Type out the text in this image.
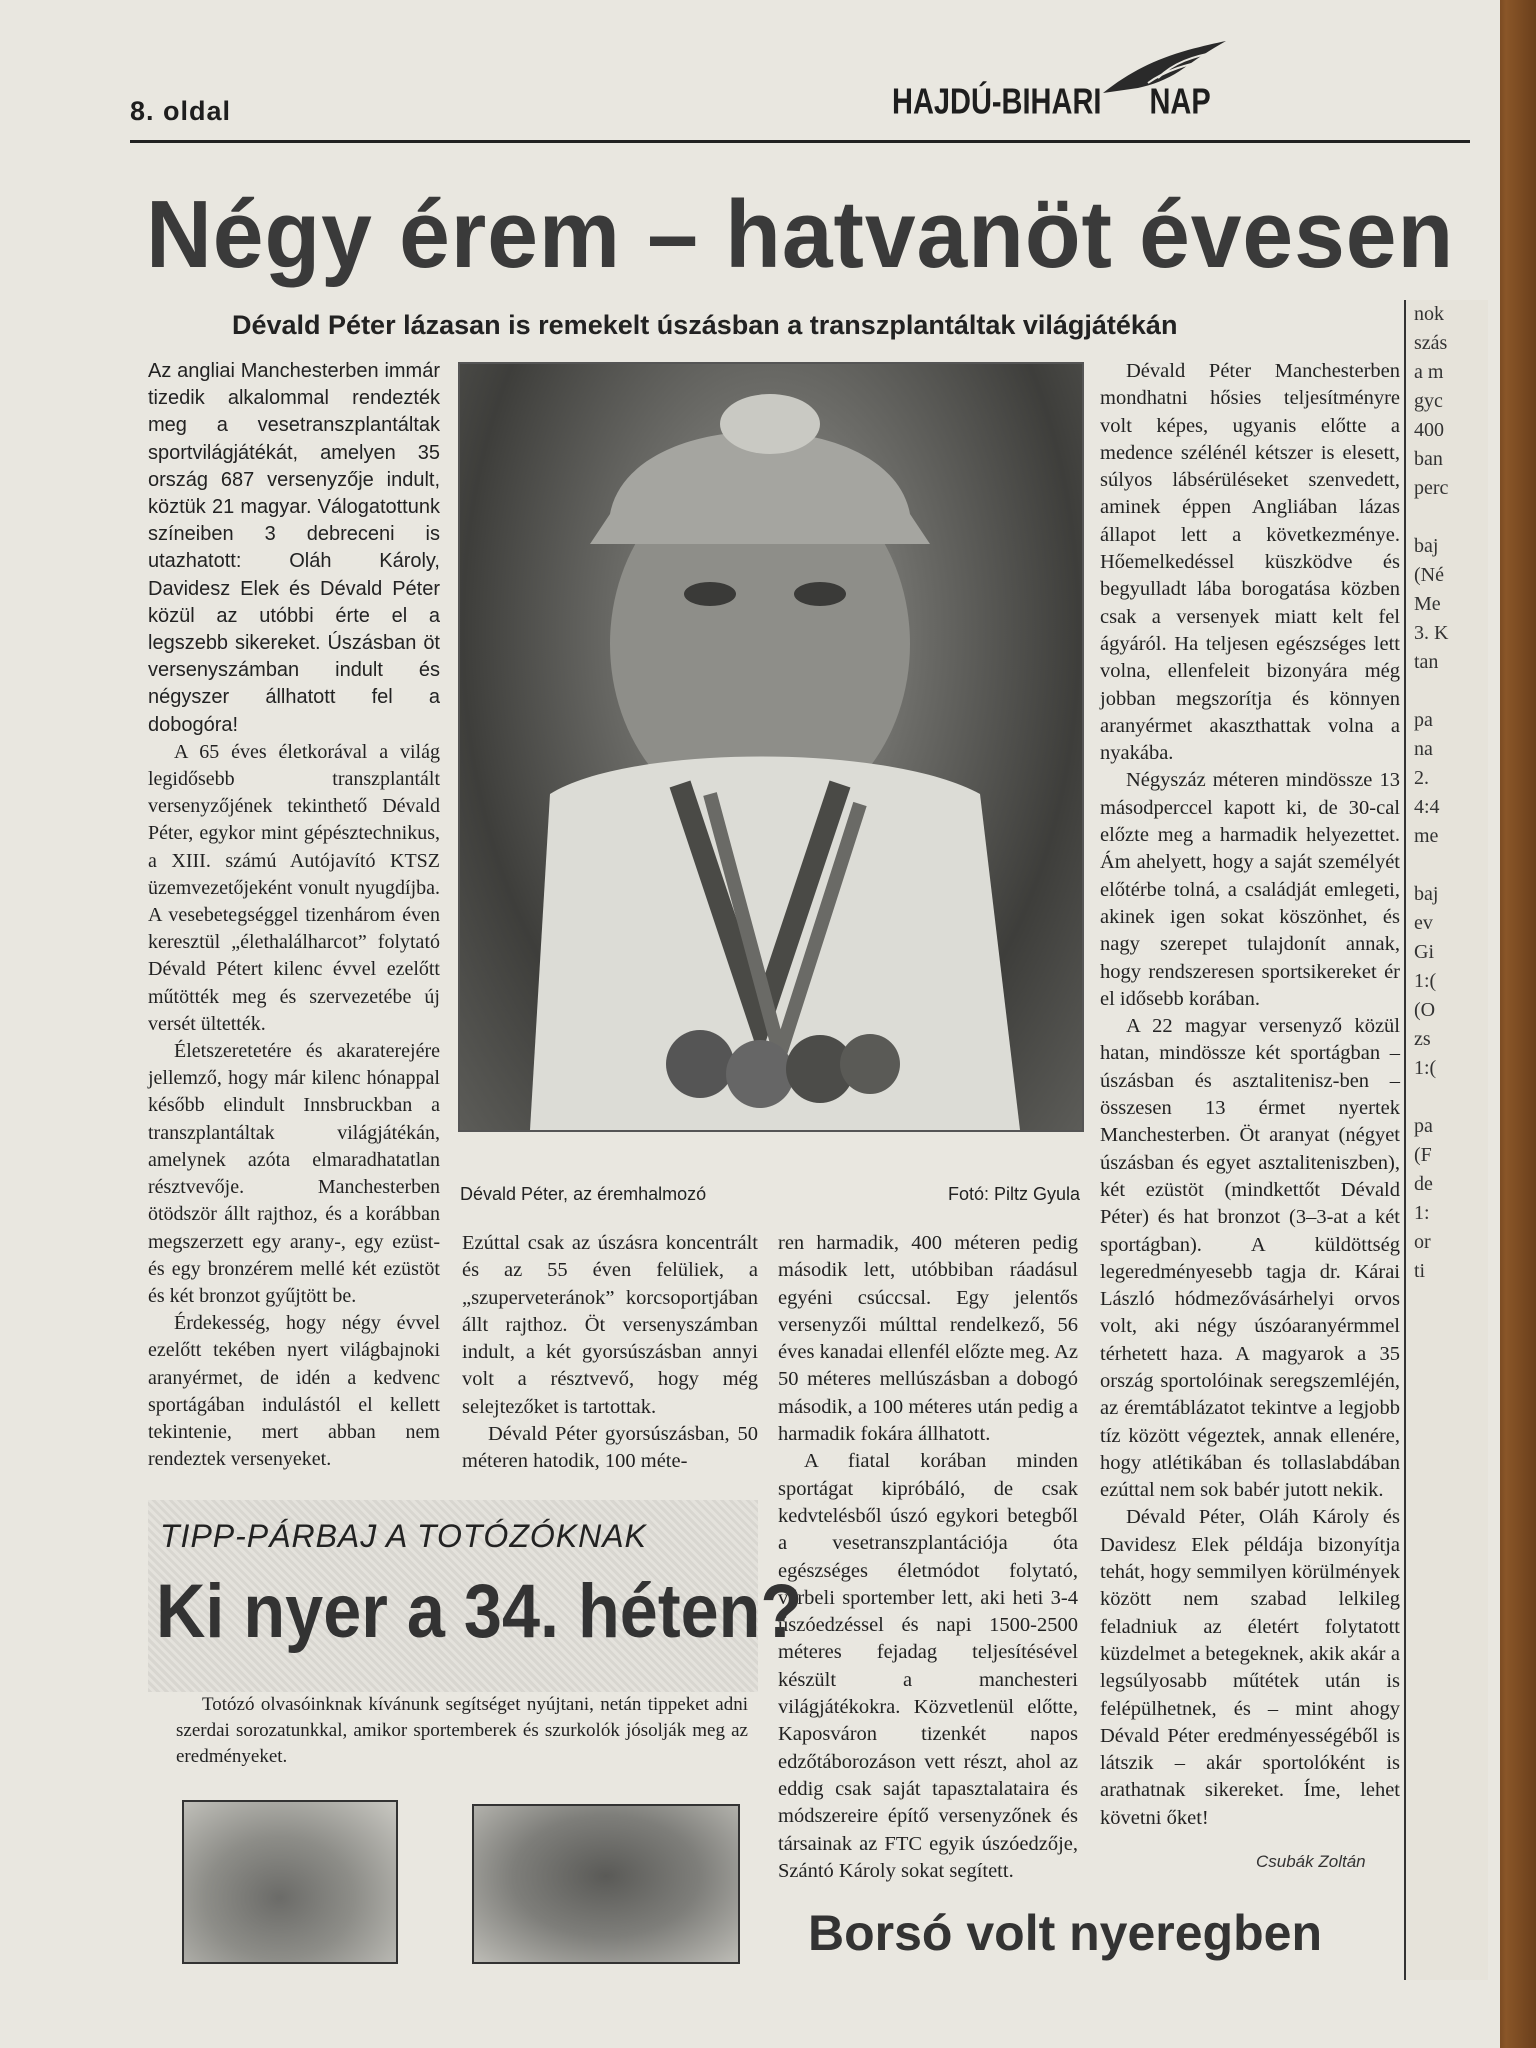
nok
szás
a m
gyc
400
ban
perc

baj
(Né
Me
3. K
tan

pa
na
2.
4:4
me

baj
ev
Gi
1:(
(O
zs
1:(

pa
(F
de
1:
or
ti

8. oldal	HAJDÚ-BIHARI NAP
Négy érem – hatvanöt évesen
Dévald Péter lázasan is remekelt úszásban a transzplantáltak világjátékán

Az angliai Manchesterben immár tizedik alkalommal rendezték meg a vesetranszplantáltak sportvilágjátékát, amelyen 35 ország 687 versenyzője indult, köztük 21 magyar. Válogatottunk színeiben 3 debreceni is utazhatott: Oláh Károly, Davidesz Elek és Dévald Péter közül az utóbbi érte el a legszebb sikereket. Úszásban öt versenyszámban indult és négyszer állhatott fel a dobogóra!

A 65 éves életkorával a világ legidősebb transzplantált versenyzőjének tekinthető Dévald Péter, egykor mint gépésztechnikus, a XIII. számú Autójavító KTSZ üzemvezetőjeként vonult nyugdíjba. A vesebetegséggel tizenhárom éven keresztül „élethalálharcot” folytató Dévald Pétert kilenc évvel ezelőtt műtötték meg és szervezetébe új versét ültették.

Életszeretetére és akaraterejére jellemző, hogy már kilenc hónappal később elindult Innsbruckban a transzplantáltak világjátékán, amelynek azóta elmaradhatatlan résztvevője. Manchesterben ötödször állt rajthoz, és a korábban megszerzett egy arany-, egy ezüst- és egy bronzérem mellé két ezüstöt és két bronzot gyűjtött be.

Érdekesség, hogy négy évvel ezelőtt tekében nyert világbajnoki aranyérmet, de idén a kedvenc sportágában indulástól el kellett tekintenie, mert abban nem rendeztek versenyeket.

Dévald Péter, az éremhalmozó	Fotó: Piltz Gyula

Ezúttal csak az úszásra koncentrált és az 55 éven felüliek, a „szuperveteránok” korcsoportjában állt rajthoz. Öt versenyszámban indult, a két gyorsúszásban annyi volt a résztvevő, hogy még selejtezőket is tartottak.

Dévald Péter gyorsúszásban, 50 méteren hatodik, 100 méte-

ren harmadik, 400 méteren pedig második lett, utóbbiban ráadásul egyéni csúccsal. Egy jelentős versenyzői múlttal rendelkező, 56 éves kanadai ellenfél előzte meg. Az 50 méteres mellúszásban a dobogó második, a 100 méteres után pedig a harmadik fokára állhatott.

A fiatal korában minden sportágat kipróbáló, de csak kedvtelésből úszó egykori betegből a vesetranszplantációja óta egészséges életmódot folytató, vérbeli sportember lett, aki heti 3-4 úszóedzéssel és napi 1500-2500 méteres fejadag teljesítésével készült a manchesteri világjátékokra. Közvetlenül előtte, Kaposváron tizenkét napos edzőtáborozáson vett részt, ahol az eddig csak saját tapasztalataira és módszereire építő versenyzőnek és társainak az FTC egyik úszóedzője, Szántó Károly sokat segített.

Dévald Péter Manchesterben mondhatni hősies teljesítményre volt képes, ugyanis előtte a medence szélénél kétszer is elesett, súlyos lábsérüléseket szenvedett, aminek éppen Angliában lázas állapot lett a következménye. Hőemelkedéssel küszködve és begyulladt lába borogatása közben csak a versenyek miatt kelt fel ágyáról. Ha teljesen egészséges lett volna, ellenfeleit bizonyára még jobban megszorítja és könnyen aranyérmet akaszthattak volna a nyakába.

Négyszáz méteren mindössze 13 másodperccel kapott ki, de 30-cal előzte meg a harmadik helyezettet. Ám ahelyett, hogy a saját személyét előtérbe tolná, a családját emlegeti, akinek igen sokat köszönhet, és nagy szerepet tulajdonít annak, hogy rendszeresen sportsikereket ér el idősebb korában.

A 22 magyar versenyző közül hatan, mindössze két sportágban – úszásban és asztalitenisz-ben – összesen 13 érmet nyertek Manchesterben. Öt aranyat (négyet úszásban és egyet asztaliteniszben), két ezüstöt (mindkettőt Dévald Péter) és hat bronzot (3–3-at a két sportágban). A küldöttség legeredményesebb tagja dr. Kárai László hódmezővásárhelyi orvos volt, aki négy úszóaranyérmmel térhetett haza. A magyarok a 35 ország sportolóinak seregszemléjén, az éremtáblázatot tekintve a legjobb tíz között végeztek, annak ellenére, hogy atlétikában és tollaslabdában ezúttal nem sok babér jutott nekik.

Dévald Péter, Oláh Károly és Davidesz Elek példája bizonyítja tehát, hogy semmilyen körülmények között nem szabad lelkileg feladniuk az életért folytatott küzdelmet a betegeknek, akik akár a legsúlyosabb műtétek után is felépülhetnek, és – mint ahogy Dévald Péter eredményességéből is látszik – akár sportolóként is arathatnak sikereket. Íme, lehet követni őket!

Csubák Zoltán
TIPP-PÁRBAJ A TOTÓZÓKNAK
Ki nyer a 34. héten?

Totózó olvasóinknak kívánunk segítséget nyújtani, netán tippeket adni szerdai sorozatunkkal, amikor sportemberek és szurkolók jósolják meg az eredményeket.

Borsó volt nyeregben
